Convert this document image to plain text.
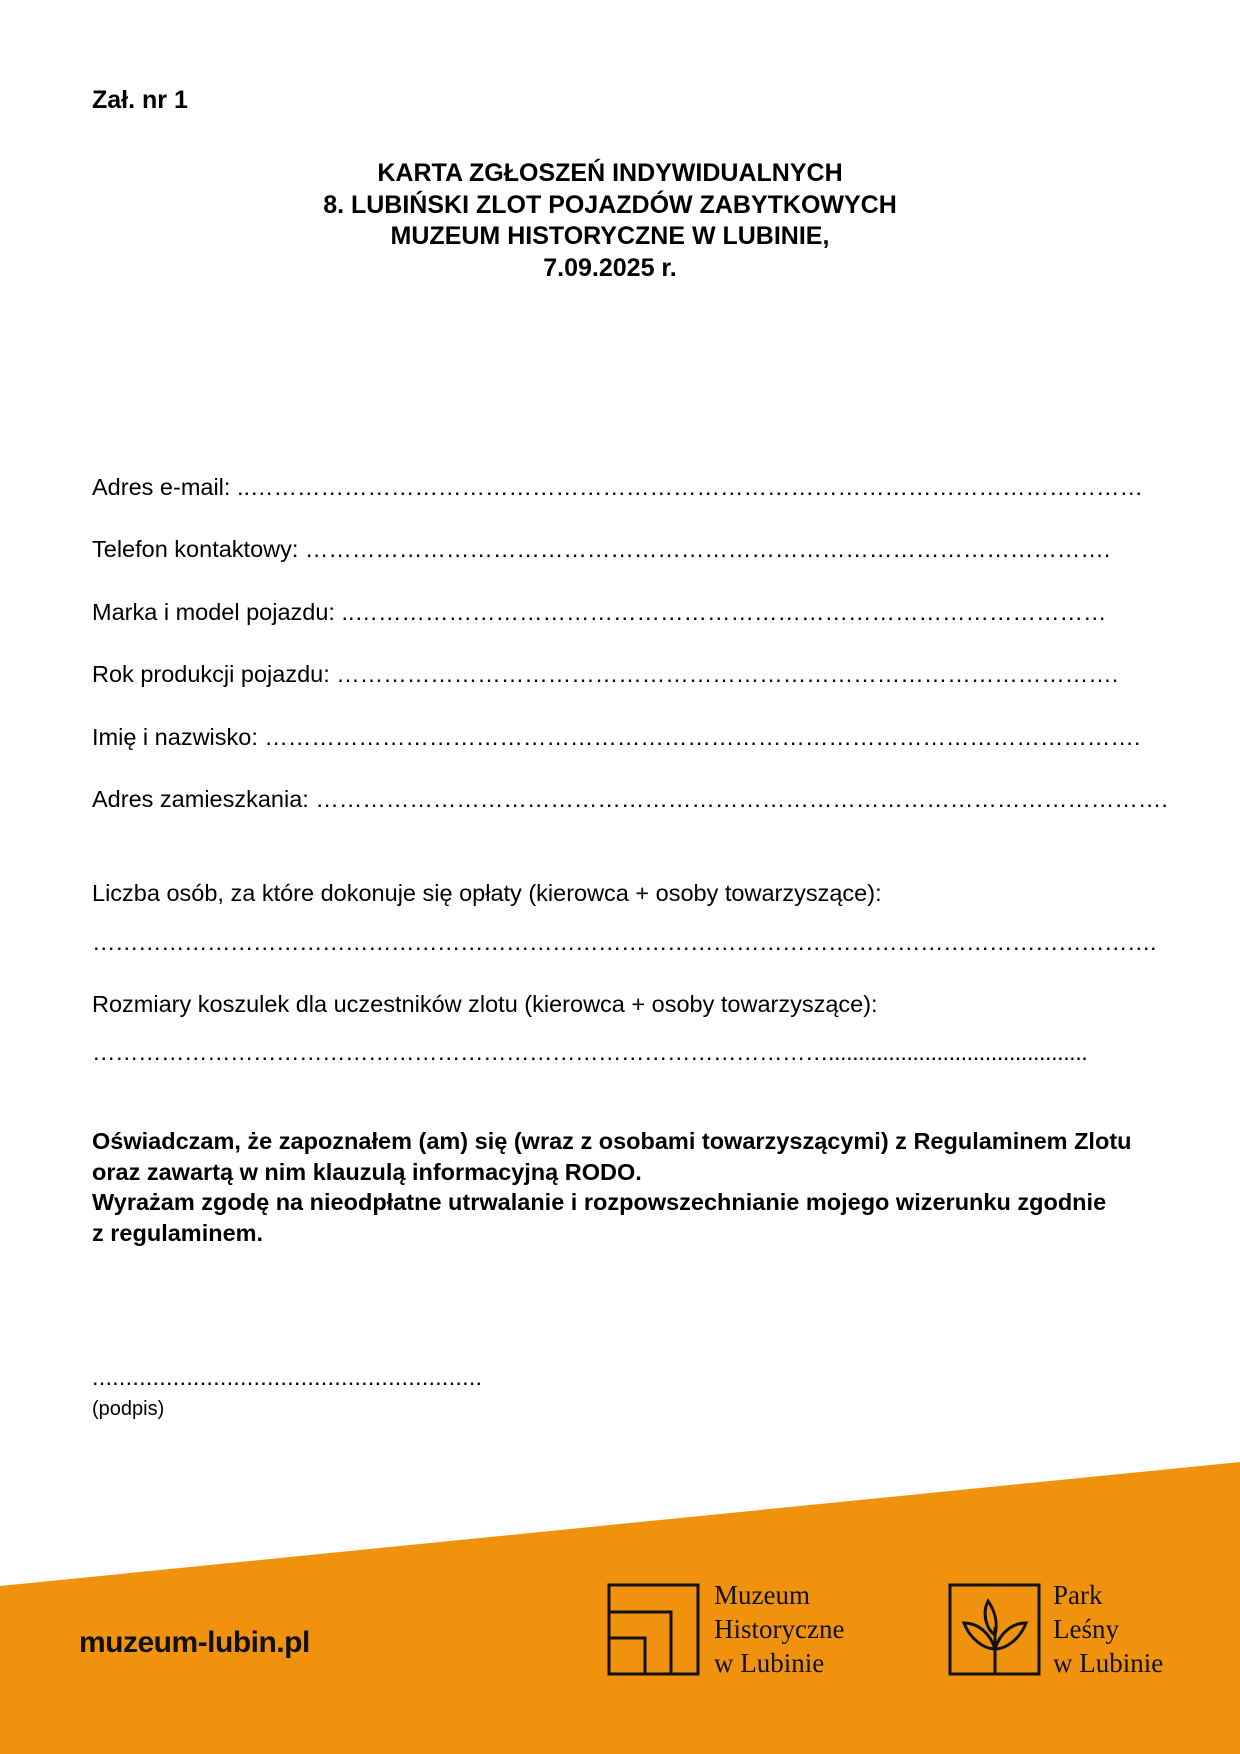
Zał. nr 1
KARTA ZGŁOSZEŃ INDYWIDUALNYCH
8. LUBIŃSKI ZLOT POJAZDÓW ZABYTKOWYCH
MUZEUM HISTORYCZNE W LUBINIE,
7.09.2025 r.
Adres e-mail: ..……………………………………………………………………………………………………
Telefon kontaktowy: ………………………………………………………………………………………….
Marka i model pojazdu: ..……………………………………………………………………………………
Rok produkcji pojazdu: ……………………………………………………………………………………….
Imię i nazwisko: ………………………………………………………………………………………………….
Adres zamieszkania: ……………………………………………………………………………………………….
Liczba osób, za które dokonuje się opłaty (kierowca + osoby towarzyszące):
………………………………………………………………………………………………………………………….
Rozmiary koszulek dla uczestników zlotu (kierowca + osoby towarzyszące):
……………………………………………………………………………………...........................................
Oświadczam, że zapoznałem (am) się (wraz z osobami towarzyszącymi) z Regulaminem Zlotu
oraz zawartą w nim klauzulą informacyjną RODO.
Wyrażam zgodę na nieodpłatne utrwalanie i rozpowszechnianie mojego wizerunku zgodnie
z regulaminem.
..........................................................
(podpis)
muzeum-lubin.pl
Muzeum
Historyczne
w Lubinie
Park
Leśny
w Lubinie
